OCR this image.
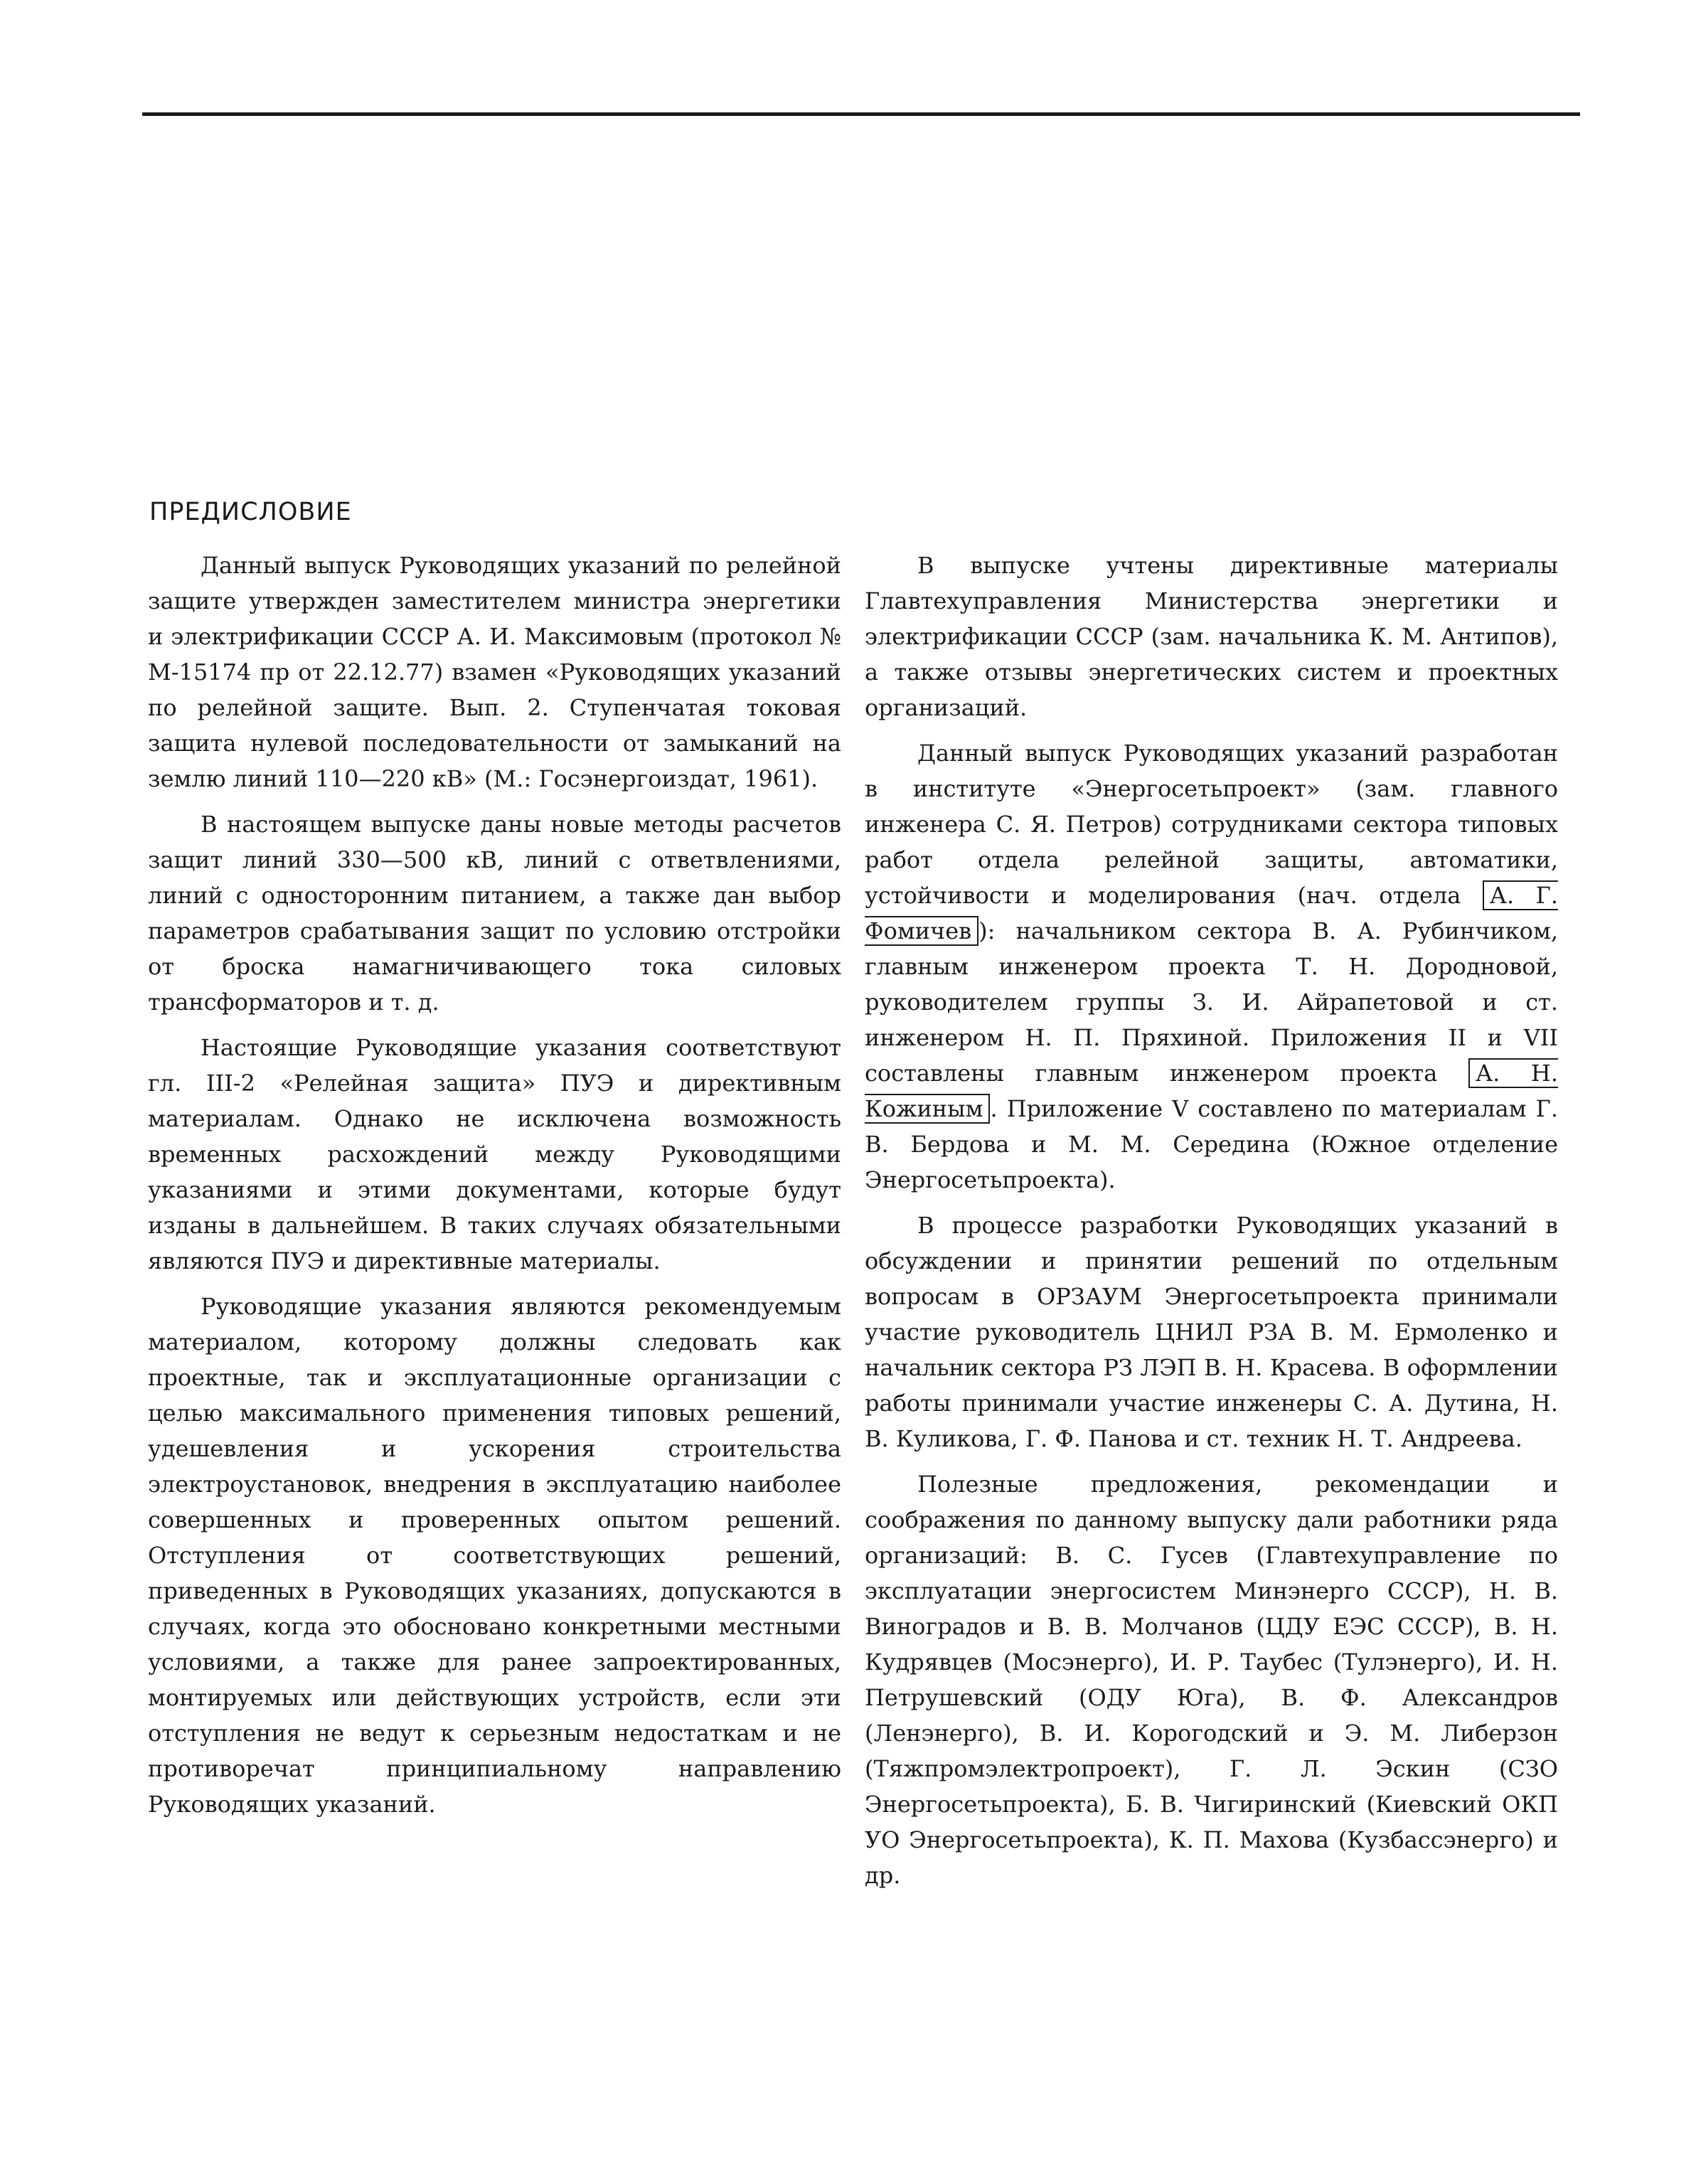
ПРЕДИСЛОВИЕ

Данный выпуск Руководящих указаний по релейной защите утвержден заместителем министра энергетики и электрификации СССР А. И. Максимовым (протокол № М-15174 пр от 22.12.77) взамен «Руководящих указаний по релейной защите. Вып. 2. Ступенчатая токовая защита нулевой последовательности от замыканий на землю линий 110—220 кВ» (М.: Госэнергоиздат, 1961).

В настоящем выпуске даны новые методы расчетов защит линий 330—500 кВ, линий с ответвлениями, линий с односторонним питанием, а также дан выбор параметров срабатывания защит по условию отстройки от броска намагничивающего тока силовых трансформаторов и т. д.

Настоящие Руководящие указания соответствуют гл. III-2 «Релейная защита» ПУЭ и директивным материалам. Однако не исключена возможность временных расхождений между Руководящими указаниями и этими документами, которые будут изданы в дальнейшем. В таких случаях обязательными являются ПУЭ и директивные материалы.

Руководящие указания являются рекомендуемым материалом, которому должны следовать как проектные, так и эксплуатационные организации с целью максимального применения типовых решений, удешевления и ускорения строительства электроустановок, внедрения в эксплуатацию наиболее совершенных и проверенных опытом решений. Отступления от соответствующих решений, приведенных в Руководящих указаниях, допускаются в случаях, когда это обосновано конкретными местными условиями, а также для ранее запроектированных, монтируемых или действующих устройств, если эти отступления не ведут к серьезным недостаткам и не противоречат принципиальному направлению Руководящих указаний.

В выпуске учтены директивные материалы Главтехуправления Министерства энергетики и электрификации СССР (зам. начальника К. М. Антипов), а также отзывы энергетических систем и проектных организаций.

Данный выпуск Руководящих указаний разработан в институте «Энергосетьпроект» (зам. главного инженера С. Я. Петров) сотрудниками сектора типовых работ отдела релейной защиты, автоматики, устойчивости и моделирования (нач. отдела А. Г. Фомичев ): начальником сектора В. А. Рубинчиком, главным инженером проекта Т. Н. Дородновой, руководителем группы З. И. Айрапетовой и ст. инженером Н. П. Пряхиной. Приложения II и VII составлены главным инженером проекта А. Н. Кожиным . Приложение V составлено по материалам Г. В. Бердова и М. М. Середина (Южное отделение Энергосетьпроекта).

В процессе разработки Руководящих указаний в обсуждении и принятии решений по отдельным вопросам в ОРЗАУМ Энергосетьпроекта принимали участие руководитель ЦНИЛ РЗА В. М. Ермоленко и начальник сектора РЗ ЛЭП В. Н. Красева. В оформлении работы принимали участие инженеры С. А. Дутина, Н. В. Куликова, Г. Ф. Панова и ст. техник Н. Т. Андреева.

Полезные предложения, рекомендации и соображения по данному выпуску дали работники ряда организаций: В. С. Гусев (Главтехуправление по эксплуатации энергосистем Минэнерго СССР), Н. В. Виноградов и В. В. Молчанов (ЦДУ ЕЭС СССР), В. Н. Кудрявцев (Мосэнерго), И. Р. Таубес (Тулэнерго), И. Н. Петрушевский (ОДУ Юга), В. Ф. Александров (Ленэнерго), В. И. Корогодский и Э. М. Либерзон (Тяжпромэлектропроект), Г. Л. Эскин (СЗО Энергосетьпроекта), Б. В. Чигиринский (Киевский ОКП УО Энергосетьпроекта), К. П. Махова (Кузбассэнерго) и др.
